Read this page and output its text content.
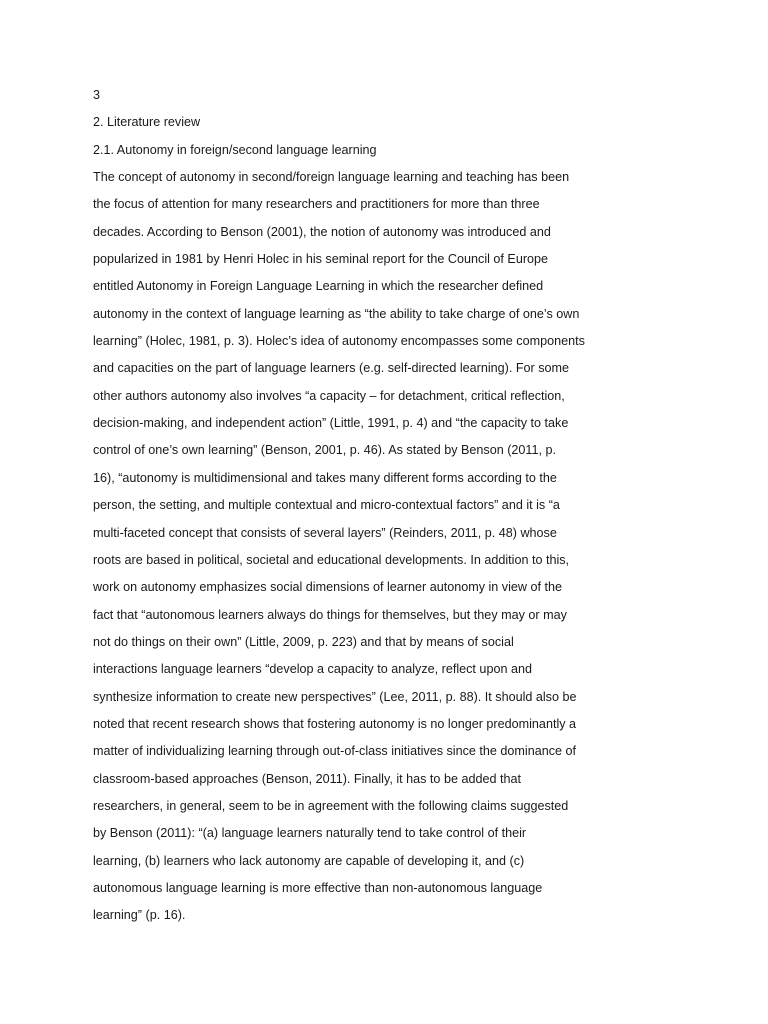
3
2. Literature review
2.1. Autonomy in foreign/second language learning
The concept of autonomy in second/foreign language learning and teaching has been
the focus of attention for many researchers and practitioners for more than three
decades. According to Benson (2001), the notion of autonomy was introduced and
popularized in 1981 by Henri Holec in his seminal report for the Council of Europe
entitled Autonomy in Foreign Language Learning in which the researcher defined
autonomy in the context of language learning as “the ability to take charge of one’s own
learning” (Holec, 1981, p. 3). Holec’s idea of autonomy encompasses some components
and capacities on the part of language learners (e.g. self-directed learning). For some
other authors autonomy also involves “a capacity – for detachment, critical reflection,
decision-making, and independent action” (Little, 1991, p. 4) and “the capacity to take
control of one’s own learning” (Benson, 2001, p. 46). As stated by Benson (2011, p.
16), “autonomy is multidimensional and takes many different forms according to the
person, the setting, and multiple contextual and micro-contextual factors” and it is “a
multi-faceted concept that consists of several layers” (Reinders, 2011, p. 48) whose
roots are based in political, societal and educational developments. In addition to this,
work on autonomy emphasizes social dimensions of learner autonomy in view of the
fact that “autonomous learners always do things for themselves, but they may or may
not do things on their own” (Little, 2009, p. 223) and that by means of social
interactions language learners “develop a capacity to analyze, reflect upon and
synthesize information to create new perspectives” (Lee, 2011, p. 88). It should also be
noted that recent research shows that fostering autonomy is no longer predominantly a
matter of individualizing learning through out-of-class initiatives since the dominance of
classroom-based approaches (Benson, 2011). Finally, it has to be added that
researchers, in general, seem to be in agreement with the following claims suggested
by Benson (2011): “(a) language learners naturally tend to take control of their
learning, (b) learners who lack autonomy are capable of developing it, and (c)
autonomous language learning is more effective than non-autonomous language
learning” (p. 16).
